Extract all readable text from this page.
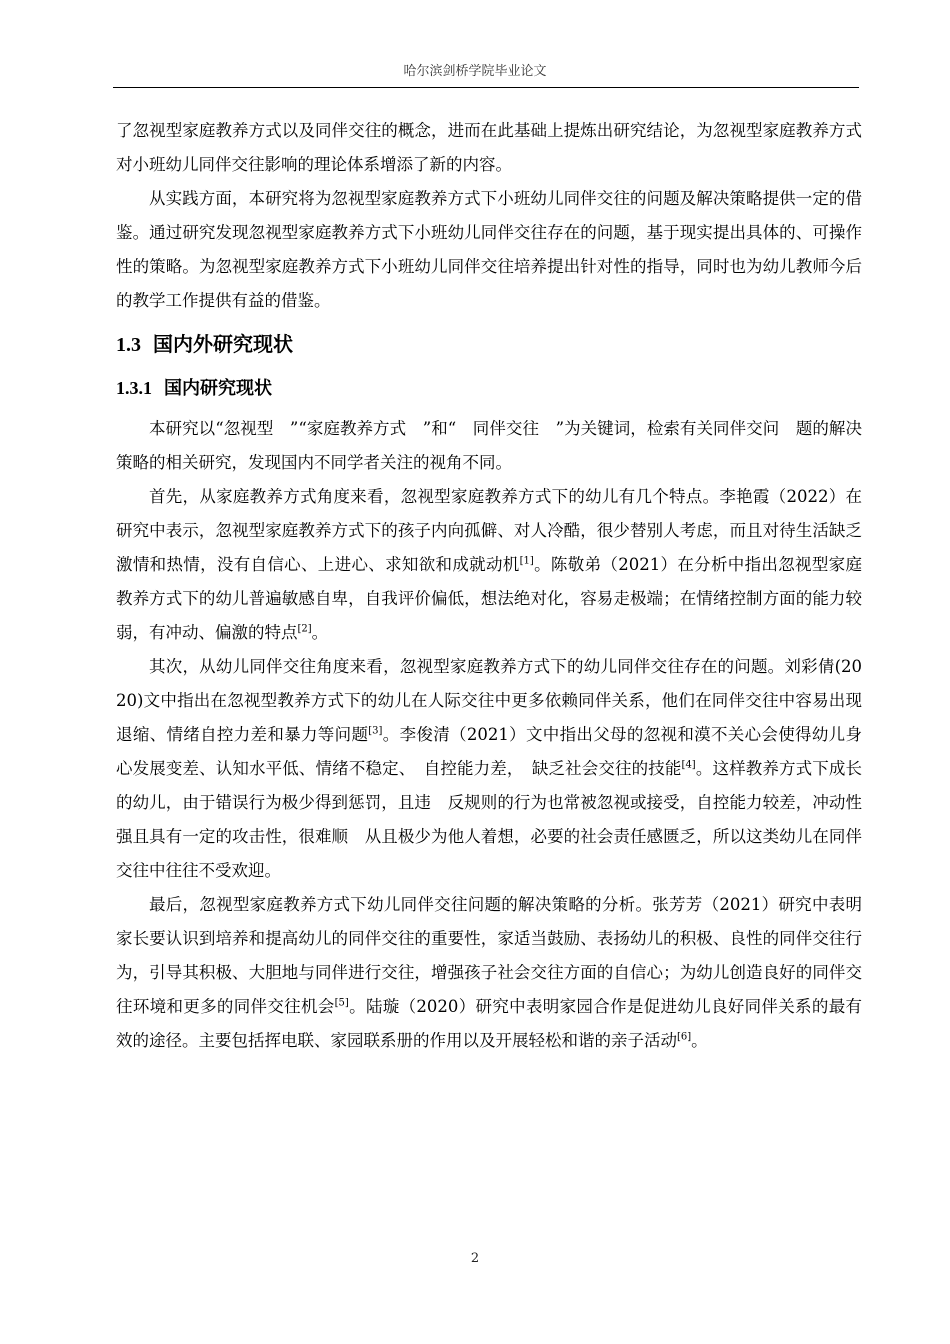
哈尔滨剑桥学院毕业论文

了忽视型家庭教养方式以及同伴交往的概念，进而在此基础上提炼出研究结论，为忽视型家庭教养方式对小班幼儿同伴交往影响的理论体系增添了新的内容。

从实践方面，本研究将为忽视型家庭教养方式下小班幼儿同伴交往的问题及解决策略提供一定的借鉴。通过研究发现忽视型家庭教养方式下小班幼儿同伴交往存在的问题，基于现实提出具体的、可操作性的策略。为忽视型家庭教养方式下小班幼儿同伴交往培养提出针对性的指导，同时也为幼儿教师今后的教学工作提供有益的借鉴。

1.3 国内外研究现状
1.3.1 国内研究现状

本研究以“忽视型　”“家庭教养方式　”和“　同伴交往　”为关键词，检索有关同伴交问　题的解决策略的相关研究，发现国内不同学者关注的视角不同。

首先，从家庭教养方式角度来看，忽视型家庭教养方式下的幼儿有几个特点。李艳霞（2022）在研究中表示，忽视型家庭教养方式下的孩子内向孤僻、对人冷酷，很少替别人考虑，而且对待生活缺乏激情和热情，没有自信心、上进心、求知欲和成就动机[1]。陈敬弟（2021）在分析中指出忽视型家庭教养方式下的幼儿普遍敏感自卑，自我评价偏低，想法绝对化，容易走极端；在情绪控制方面的能力较弱，有冲动、偏激的特点[2]。

其次，从幼儿同伴交往角度来看，忽视型家庭教养方式下的幼儿同伴交往存在的问题。刘彩倩(2020)文中指出在忽视型教养方式下的幼儿在人际交往中更多依赖同伴关系，他们在同伴交往中容易出现退缩、情绪自控力差和暴力等问题[3]。李俊清（2021）文中指出父母的忽视和漠不关心会使得幼儿身心发展变差、认知水平低、情绪不稳定、　自控能力差，　缺乏社会交往的技能[4]。这样教养方式下成长的幼儿，由于错误行为极少得到惩罚，且违　反规则的行为也常被忽视或接受，自控能力较差，冲动性强且具有一定的攻击性，很难顺　从且极少为他人着想，必要的社会责任感匮乏，所以这类幼儿在同伴交往中往往不受欢迎。

最后，忽视型家庭教养方式下幼儿同伴交往问题的解决策略的分析。张芳芳（2021）研究中表明家长要认识到培养和提高幼儿的同伴交往的重要性，家适当鼓励、表扬幼儿的积极、良性的同伴交往行为，引导其积极、大胆地与同伴进行交往，增强孩子社会交往方面的自信心；为幼儿创造良好的同伴交往环境和更多的同伴交往机会[5]。陆璇（2020）研究中表明家园合作是促进幼儿良好同伴关系的最有效的途径。主要包括挥电联、家园联系册的作用以及开展轻松和谐的亲子活动[6]。

2
